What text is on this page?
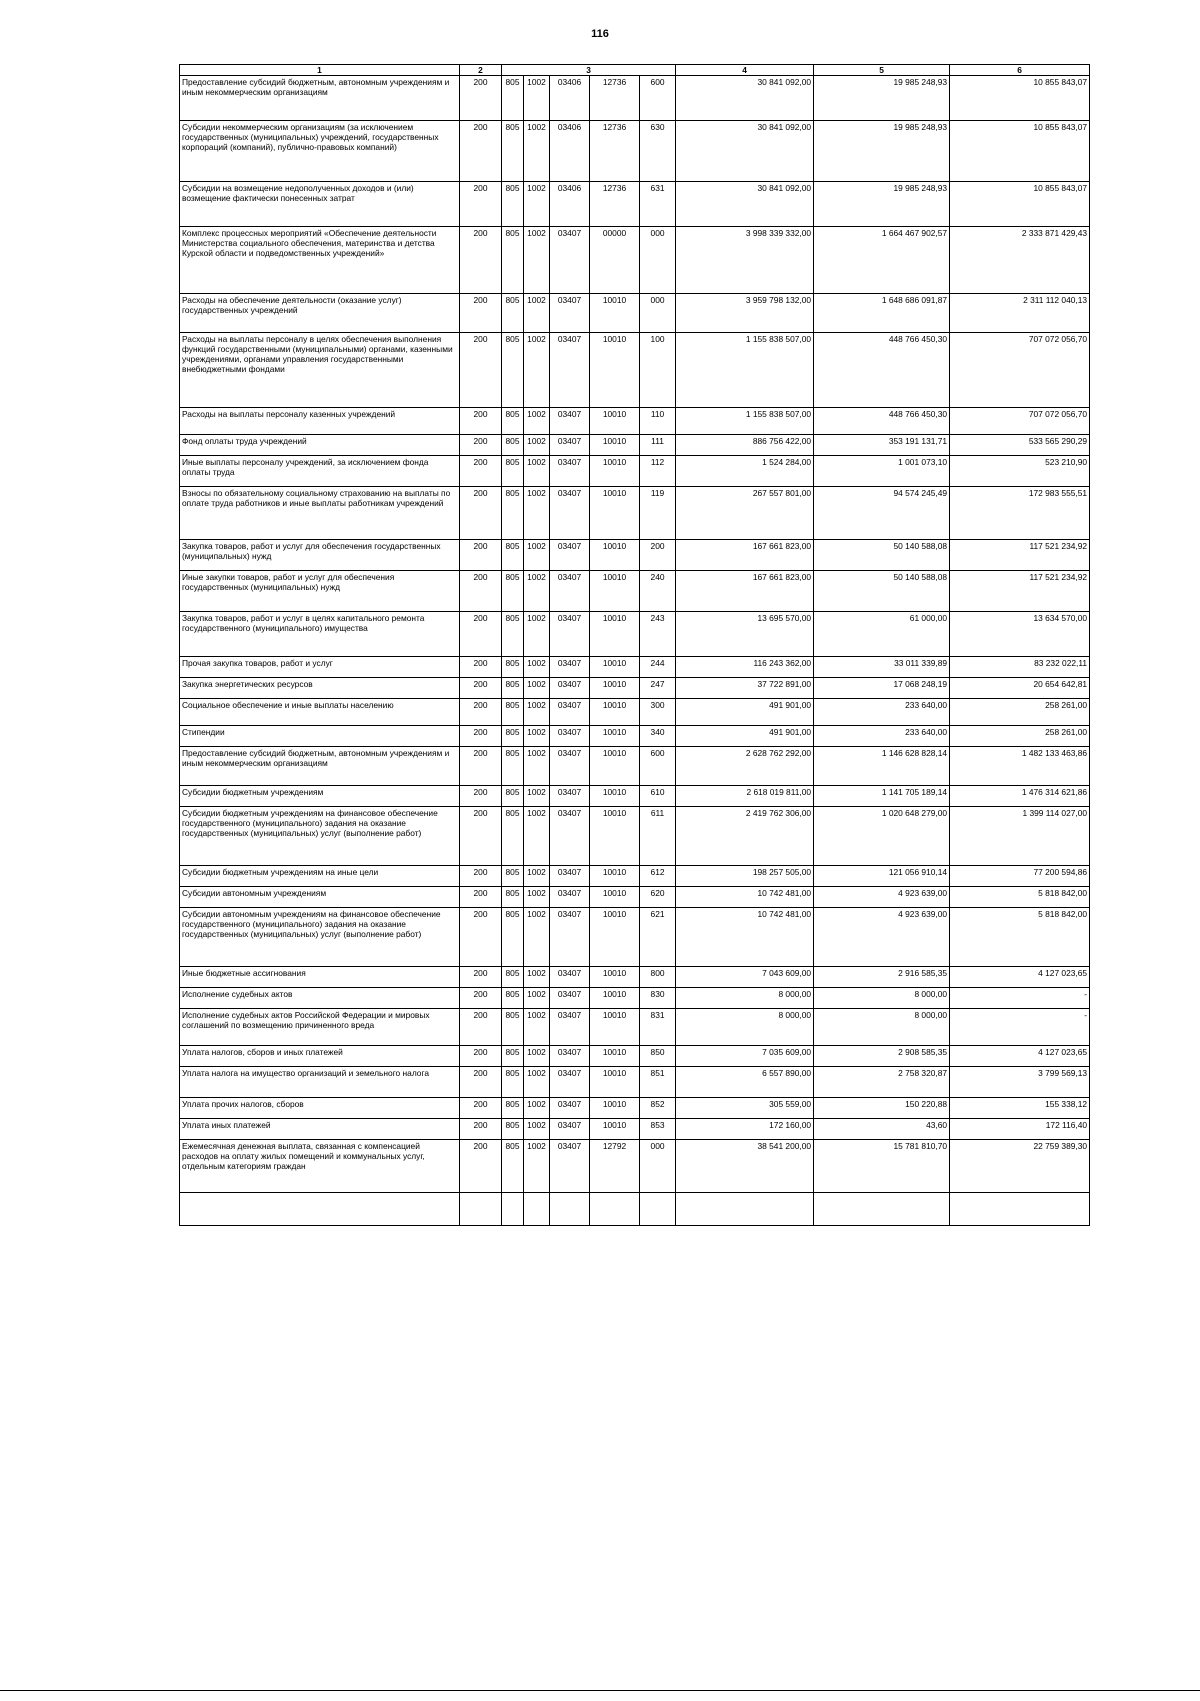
116
1	2	3					4	5	6
Предоставление субсидий бюджетным, автономным учреждениям и иным некоммерческим организациям	200	805	1002	03406	12736	600	30 841 092,00	19 985 248,93	10 855 843,07
Субсидии некоммерческим организациям (за исключением государственных (муниципальных) учреждений, государственных корпораций (компаний), публично-правовых компаний)	200	805	1002	03406	12736	630	30 841 092,00	19 985 248,93	10 855 843,07
Субсидии на возмещение недополученных доходов и (или) возмещение фактически понесенных затрат	200	805	1002	03406	12736	631	30 841 092,00	19 985 248,93	10 855 843,07
Комплекс процессных мероприятий «Обеспечение деятельности Министерства социального обеспечения, материнства и детства Курской области и подведомственных учреждений»	200	805	1002	03407	00000	000	3 998 339 332,00	1 664 467 902,57	2 333 871 429,43
Расходы на обеспечение деятельности (оказание услуг) государственных учреждений	200	805	1002	03407	10010	000	3 959 798 132,00	1 648 686 091,87	2 311 112 040,13
Расходы на выплаты персоналу в целях обеспечения выполнения функций государственными (муниципальными) органами, казенными учреждениями, органами управления государственными внебюджетными фондами	200	805	1002	03407	10010	100	1 155 838 507,00	448 766 450,30	707 072 056,70
Расходы на выплаты персоналу казенных учреждений	200	805	1002	03407	10010	110	1 155 838 507,00	448 766 450,30	707 072 056,70
Фонд оплаты труда учреждений	200	805	1002	03407	10010	111	886 756 422,00	353 191 131,71	533 565 290,29
Иные выплаты персоналу учреждений, за исключением фонда оплаты труда	200	805	1002	03407	10010	112	1 524 284,00	1 001 073,10	523 210,90
Взносы по обязательному социальному страхованию на выплаты по оплате труда работников и иные выплаты работникам учреждений	200	805	1002	03407	10010	119	267 557 801,00	94 574 245,49	172 983 555,51
Закупка товаров, работ и услуг для обеспечения государственных (муниципальных) нужд	200	805	1002	03407	10010	200	167 661 823,00	50 140 588,08	117 521 234,92
Иные закупки товаров, работ и услуг для обеспечения государственных (муниципальных) нужд	200	805	1002	03407	10010	240	167 661 823,00	50 140 588,08	117 521 234,92
Закупка товаров, работ и услуг в целях капитального ремонта государственного (муниципального) имущества	200	805	1002	03407	10010	243	13 695 570,00	61 000,00	13 634 570,00
Прочая закупка товаров, работ и услуг	200	805	1002	03407	10010	244	116 243 362,00	33 011 339,89	83 232 022,11
Закупка энергетических ресурсов	200	805	1002	03407	10010	247	37 722 891,00	17 068 248,19	20 654 642,81
Социальное обеспечение и иные выплаты населению	200	805	1002	03407	10010	300	491 901,00	233 640,00	258 261,00
Стипендии	200	805	1002	03407	10010	340	491 901,00	233 640,00	258 261,00
Предоставление субсидий бюджетным, автономным учреждениям и иным некоммерческим организациям	200	805	1002	03407	10010	600	2 628 762 292,00	1 146 628 828,14	1 482 133 463,86
Субсидии бюджетным учреждениям	200	805	1002	03407	10010	610	2 618 019 811,00	1 141 705 189,14	1 476 314 621,86
Субсидии бюджетным учреждениям на финансовое обеспечение государственного (муниципального) задания на оказание государственных (муниципальных) услуг (выполнение работ)	200	805	1002	03407	10010	611	2 419 762 306,00	1 020 648 279,00	1 399 114 027,00
Субсидии бюджетным учреждениям на иные цели	200	805	1002	03407	10010	612	198 257 505,00	121 056 910,14	77 200 594,86
Субсидии автономным учреждениям	200	805	1002	03407	10010	620	10 742 481,00	4 923 639,00	5 818 842,00
Субсидии автономным учреждениям на финансовое обеспечение государственного (муниципального) задания на оказание государственных (муниципальных) услуг (выполнение работ)	200	805	1002	03407	10010	621	10 742 481,00	4 923 639,00	5 818 842,00
Иные бюджетные ассигнования	200	805	1002	03407	10010	800	7 043 609,00	2 916 585,35	4 127 023,65
Исполнение судебных актов	200	805	1002	03407	10010	830	8 000,00	8 000,00	-
Исполнение судебных актов Российской Федерации и мировых соглашений по возмещению причиненного вреда	200	805	1002	03407	10010	831	8 000,00	8 000,00	-
Уплата налогов, сборов и иных платежей	200	805	1002	03407	10010	850	7 035 609,00	2 908 585,35	4 127 023,65
Уплата налога на имущество организаций и земельного налога	200	805	1002	03407	10010	851	6 557 890,00	2 758 320,87	3 799 569,13
Уплата прочих налогов, сборов	200	805	1002	03407	10010	852	305 559,00	150 220,88	155 338,12
Уплата иных платежей	200	805	1002	03407	10010	853	172 160,00	43,60	172 116,40
Ежемесячная денежная выплата, связанная с компенсацией расходов на оплату жилых помещений и коммунальных услуг, отдельным категориям граждан	200	805	1002	03407	12792	000	38 541 200,00	15 781 810,70	22 759 389,30
